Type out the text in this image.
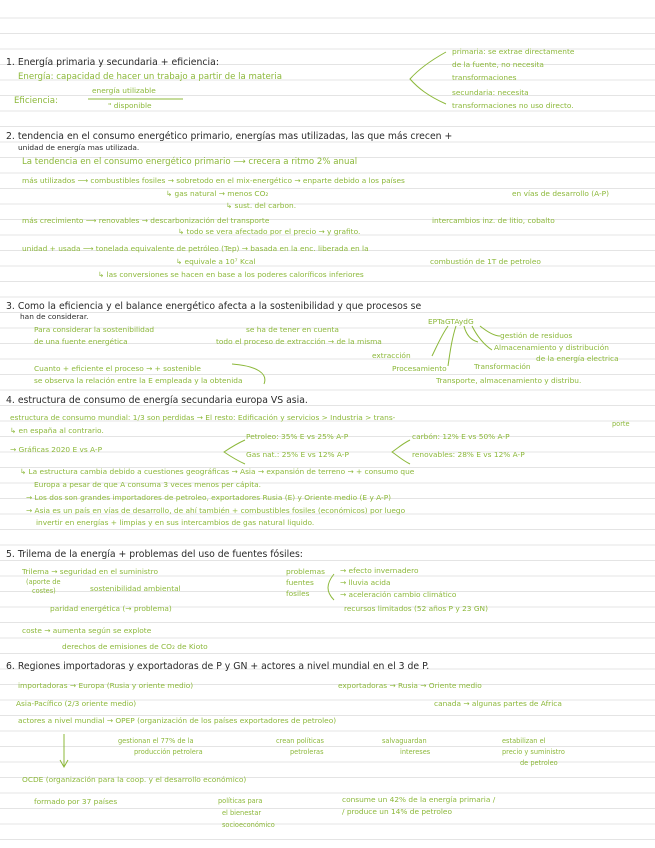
1. Energía primaria y secundaria + eficiencia:
Energía: capacidad de hacer un trabajo a partir de la materia
primaria: se extrae directamente
de la fuente, no necesita
transformaciones
secundaria: necesita
transformaciones no uso directo.
Eficiencia:
energía utilizable
" disponible
2. tendencia en el consumo energético primario, energías mas utilizadas, las que más crecen +
unidad de energía mas utilizada.
La tendencia en el consumo energético primario ⟶ crecera a ritmo 2% anual
más utilizados ⟶ combustibles fosiles → sobretodo en el mix-energético → enparte debido a los países
↳ gas natural → menos CO₂	en vías de desarrollo (A-P)
↳ sust. del carbon.
más crecimiento ⟶ renovables → descarbonización del transporte	intercambios inz. de litio, cobalto
↳ todo se vera afectado por el precio → y grafito.
unidad + usada ⟶ tonelada equivalente de petróleo (Tep) → basada en la enc. liberada en la
↳ equivale a 10⁷ Kcal	combustión de 1T de petroleo
↳ las conversiones se hacen en base a los poderes caloríficos inferiores
3. Como la eficiencia y el balance energético afecta a la sostenibilidad y que procesos se
han de considerar.
Para considerar la sostenibilidad
de una fuente energética
se ha de tener en cuenta
todo el proceso de extracción → de la misma
EPTaGTAydG
extracción
Procesamiento	Transformación
gestión de residuos
Almacenamiento y distribución
de la energía electrica
Transporte, almacenamiento y distribu.
Cuanto + eficiente el proceso → + sostenible
se observa la relación entre la E empleada y la obtenida
4. estructura de consumo de energía secundaria europa VS asia.
estructura de consumo mundial: 1/3 son perdidas → El resto: Edificación y servicios > Industria > trans-
porte
↳ en españa al contrario.
Petroleo: 35% E vs 25% A-P	carbón: 12% E vs 50% A-P
→ Gráficas 2020 E vs A-P
Gas nat.: 25% E vs 12% A-P	renovables: 28% E vs 12% A-P
↳ La estructura cambia debido a cuestiones geográficas → Asia → expansión de terreno → + consumo que
Europa a pesar de que A consuma 3 veces menos per cápita.
→ Los dos son grandes importadores de petroleo, exportadores Rusia (E) y Oriente medio (E y A-P)
→ Asia es un país en vías de desarrollo, de ahí también + combustibles fosiles (económicos) por luego
invertir en energías + limpias y en sus intercambios de gas natural liquido.
5. Trilema de la energía + problemas del uso de fuentes fósiles:
Trilema → seguridad en el suministro
(aporte de
costes)	sostenibilidad ambiental
paridad energética (→ problema)
coste → aumenta según se explote
derechos de emisiones de CO₂ de Kioto
problemas
fuentes
fosiles
→ efecto invernadero
→ lluvia acida
→ aceleración cambio climático
recursos limitados (52 años P y 23 GN)
6. Regiones importadoras y exportadoras de P y GN + actores a nivel mundial en el 3 de P.
importadoras → Europa (Rusia y oriente medio)
Asia-Pacífico (2/3 oriente medio)
exportadoras → Rusia → Oriente medio
canada → algunas partes de Africa
actores a nivel mundial → OPEP (organización de los países exportadores de petroleo)
gestionan el 77% de la
producción petrolera
crean políticas
petroleras
salvaguardan
intereses
estabilizan el
precio y suministro
de petroleo
OCDE (organización para la coop. y el desarrollo económico)
formado por 37 países	políticas para
el bienestar
socioeconómico
consume un 42% de la energía primaria /
/ produce un 14% de petroleo
